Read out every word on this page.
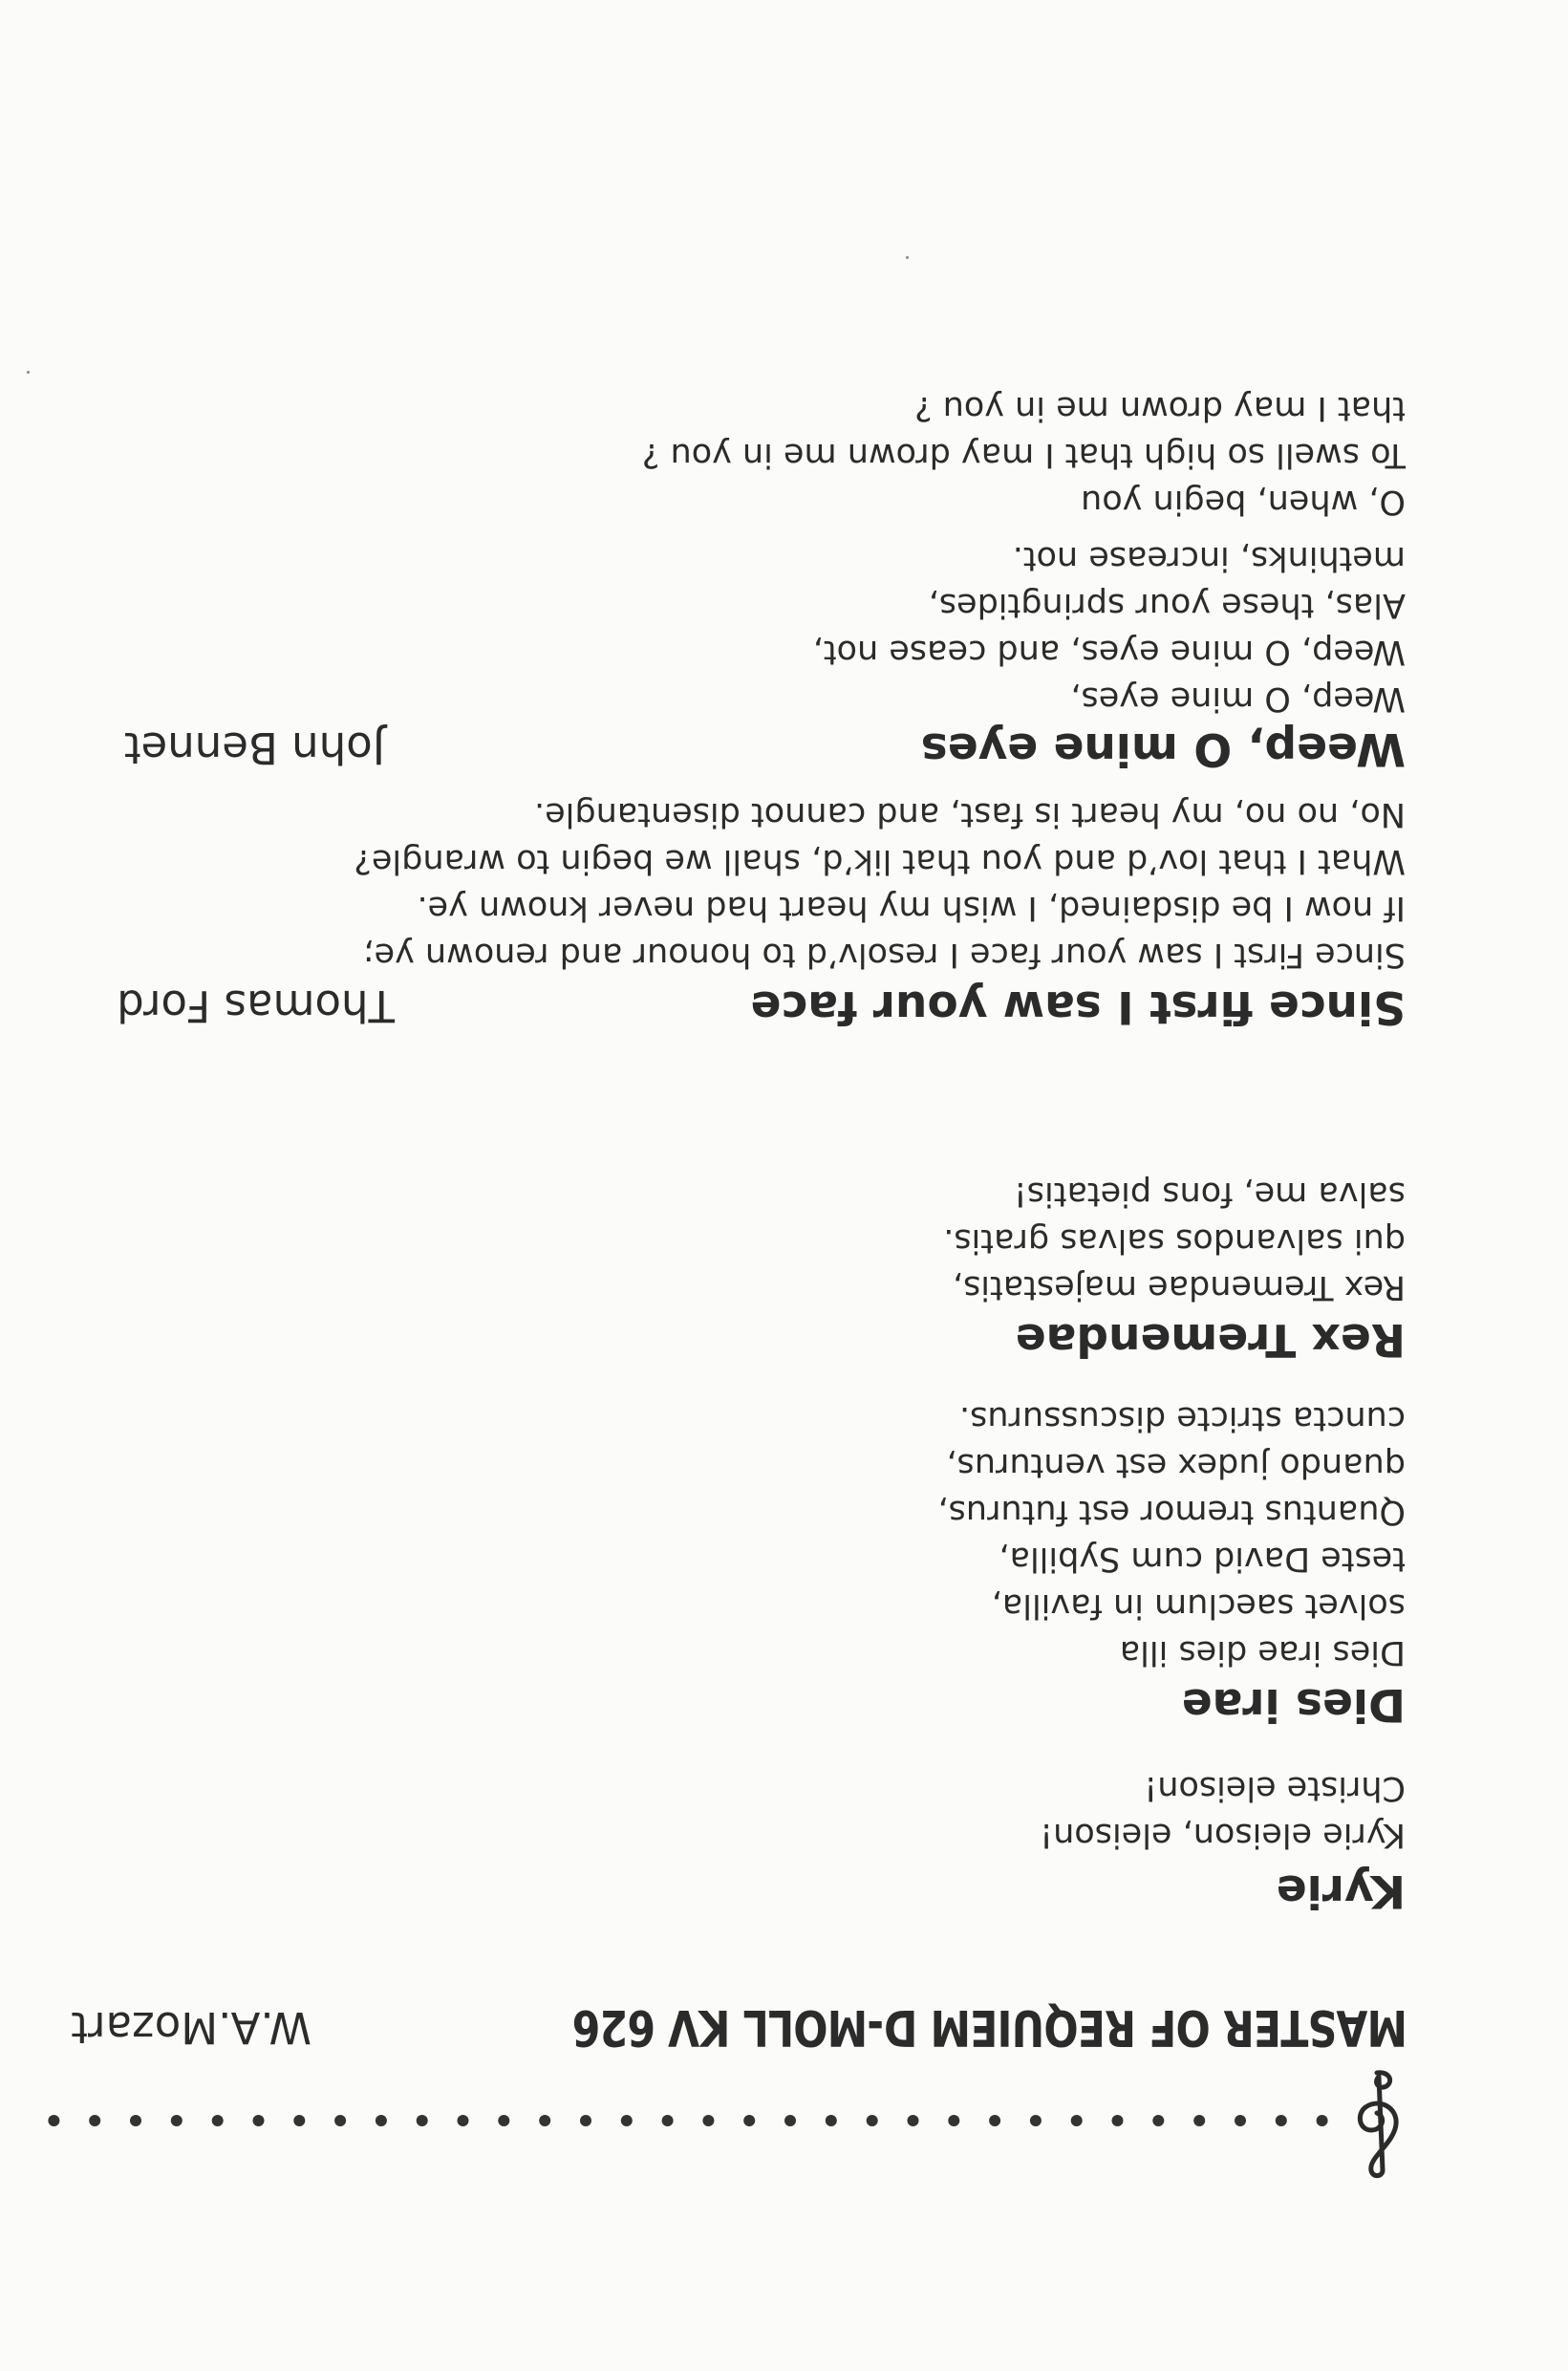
MASTER OF REQUIEM D-MOLL KV 626
W.A.Mozart
Kyrie
Kyrie eleison, eleison!
Christe eleison!
Dies irae
Dies irae dies illa
solvet saeclum in favilla,
teste David cum Sybilla,
Quantus tremor est futurus,
quando judex est venturus,
cuncta stricte discussurus.
Rex Tremendae
Rex Tremendae majestatis,
qui salvandos salvas gratis.
salva me, fons pietatis!
Since first I saw your face
Thomas Ford
Since First I saw your face I resolv’d to honour and renown ye;
If now I be disdained, I wish my heart had never known ye.
What I that lov’d and you that lik’d, shall we begin to wrangle?
No, no no, my heart is fast, and cannot disentangle.
Weep, O mine eyes
John Bennet
Weep, O mine eyes,
Weep, O mine eyes, and cease not,
Alas, these your springtides,
methinks, increase not.
O, when, begin you
To swell so high that I may drown me in you ?
that I may drown me in you ?
